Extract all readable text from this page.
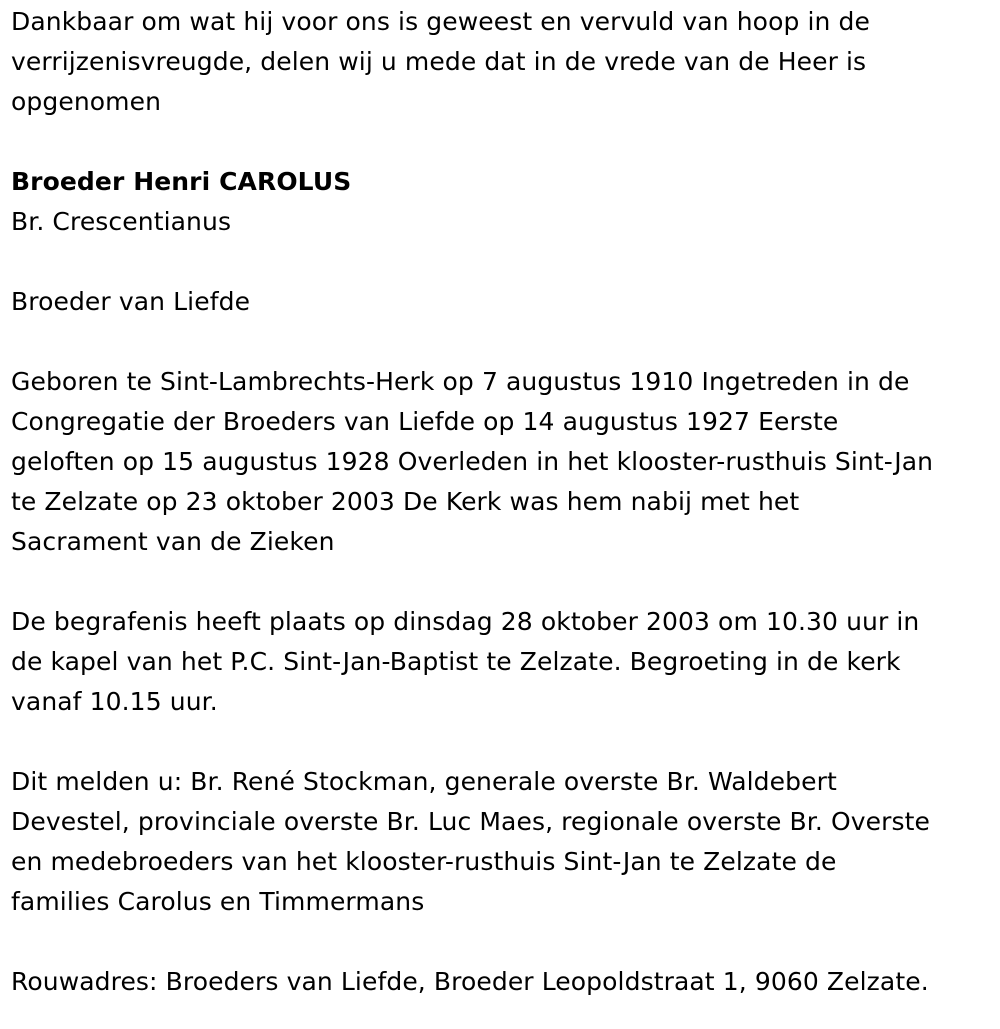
Dankbaar om wat hij voor ons is geweest en vervuld van hoop in de
verrijzenisvreugde, delen wij u mede dat in de vrede van de Heer is
opgenomen
Broeder Henri CAROLUS
Br. Crescentianus
Broeder van Liefde
Geboren te Sint-Lambrechts-Herk op 7 augustus 1910 Ingetreden in de
Congregatie der Broeders van Liefde op 14 augustus 1927 Eerste
geloften op 15 augustus 1928 Overleden in het klooster-rusthuis Sint-Jan
te Zelzate op 23 oktober 2003 De Kerk was hem nabij met het
Sacrament van de Zieken
De begrafenis heeft plaats op dinsdag 28 oktober 2003 om 10.30 uur in
de kapel van het P.C. Sint-Jan-Baptist te Zelzate. Begroeting in de kerk
vanaf 10.15 uur.
Dit melden u: Br. René Stockman, generale overste Br. Waldebert
Devestel, provinciale overste Br. Luc Maes, regionale overste Br. Overste
en medebroeders van het klooster-rusthuis Sint-Jan te Zelzate de
families Carolus en Timmermans
Rouwadres: Broeders van Liefde, Broeder Leopoldstraat 1, 9060 Zelzate.
